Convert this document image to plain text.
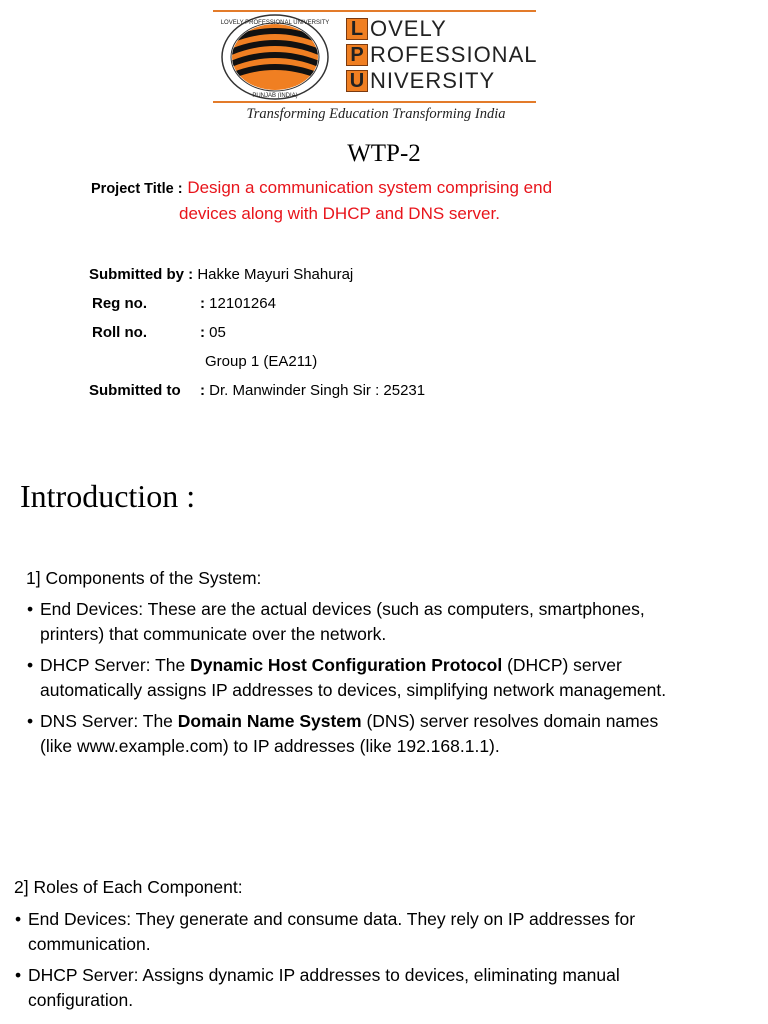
LOVELY PROFESSIONAL UNIVERSITY
PUNJAB (INDIA)
L OVELY
P ROFESSIONAL
U NIVERSITY
Transforming Education Transforming India
WTP-2
Project Title : Design a communication system comprising end
devices along with DHCP and DNS server.
Submitted by : Hakke Mayuri Shahuraj
Reg no.	: 12101264
Roll no.	: 05
Group 1 (EA211)
Submitted to : Dr. Manwinder Singh Sir : 25231
Introduction :
1] Components of the System:
• End Devices: These are the actual devices (such as computers, smartphones,
printers) that communicate over the network.
• DHCP Server: The Dynamic Host Configuration Protocol (DHCP) server
automatically assigns IP addresses to devices, simplifying network management.
• DNS Server: The Domain Name System (DNS) server resolves domain names
(like www.example.com) to IP addresses (like 192.168.1.1).
2] Roles of Each Component:
• End Devices: They generate and consume data. They rely on IP addresses for
communication.
• DHCP Server: Assigns dynamic IP addresses to devices, eliminating manual
configuration.
